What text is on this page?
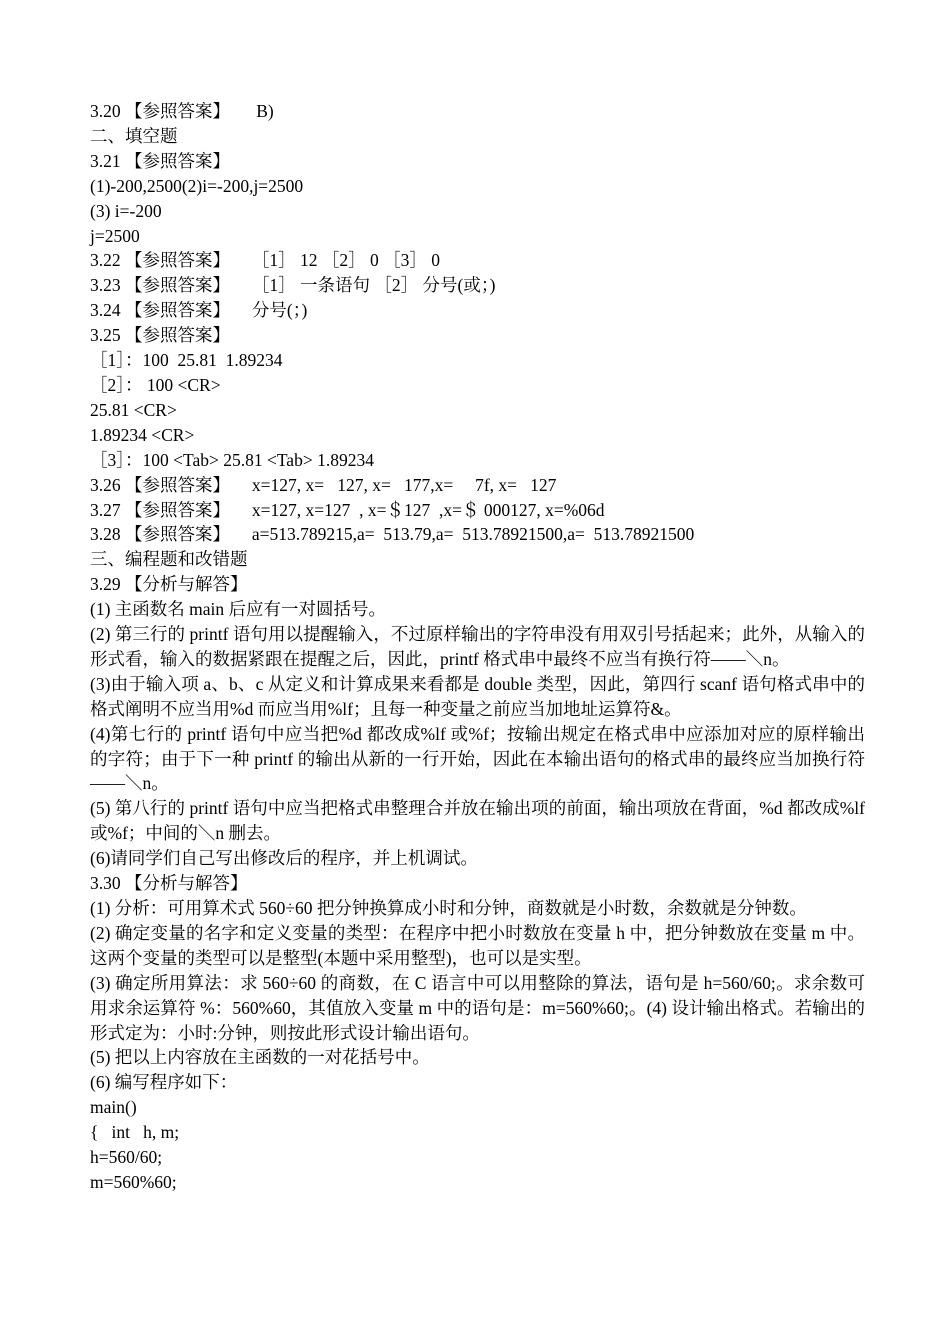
3.20 【参照答案】      B)
二、填空题
3.21 【参照答案】
(1)-200,2500(2)i=-200,j=2500
(3) i=-200
j=2500
3.22 【参照答案】     ［1］ 12 ［2］ 0 ［3］ 0
3.23 【参照答案】     ［1］ 一条语句 ［2］ 分号(或；)
3.24 【参照答案】     分号(；)
3.25 【参照答案】
［1］：100  25.81  1.89234
［2］： 100 <CR>
25.81 <CR>
1.89234 <CR>
［3］：100 <Tab> 25.81 <Tab> 1.89234
3.26 【参照答案】     x=127, x=   127, x=   177,x=     7f, x=   127
3.27 【参照答案】     x=127, x=127  , x=＄127  ,x=＄ 000127, x=%06d
3.28 【参照答案】     a=513.789215,a=  513.79,a=  513.78921500,a=  513.78921500
三、编程题和改错题
3.29 【分析与解答】
(1) 主函数名 main 后应有一对圆括号。

(2) 第三行的 printf 语句用以提醒输入，不过原样输出的字符串没有用双引号括起来；此外，从输入的形式看，输入的数据紧跟在提醒之后，因此，printf 格式串中最终不应当有换行符——＼n。

(3)由于输入项 a、b、c 从定义和计算成果来看都是 double 类型，因此，第四行 scanf 语句格式串中的格式阐明不应当用%d 而应当用%lf；且每一种变量之前应当加地址运算符&。

(4)第七行的 printf 语句中应当把%d 都改成%lf 或%f；按输出规定在格式串中应添加对应的原样输出的字符；由于下一种 printf 的输出从新的一行开始，因此在本输出语句的格式串的最终应当加换行符——＼n。

(5) 第八行的 printf 语句中应当把格式串整理合并放在输出项的前面，输出项放在背面，%d 都改成%lf 或%f；中间的＼n 删去。

(6)请同学们自己写出修改后的程序，并上机调试。
3.30 【分析与解答】
(1) 分析：可用算术式 560÷60 把分钟换算成小时和分钟，商数就是小时数，余数就是分钟数。

(2) 确定变量的名字和定义变量的类型：在程序中把小时数放在变量 h 中，把分钟数放在变量 m 中。这两个变量的类型可以是整型(本题中采用整型)，也可以是实型。

(3) 确定所用算法：求 560÷60 的商数，在 C 语言中可以用整除的算法，语句是 h=560/60;。求余数可用求余运算符 %：560%60，其值放入变量 m 中的语句是：m=560%60;。(4) 设计输出格式。若输出的形式定为：小时:分钟，则按此形式设计输出语句。

(5) 把以上内容放在主函数的一对花括号中。
(6) 编写程序如下：
main()
{   int   h, m;
h=560/60;
m=560%60;
